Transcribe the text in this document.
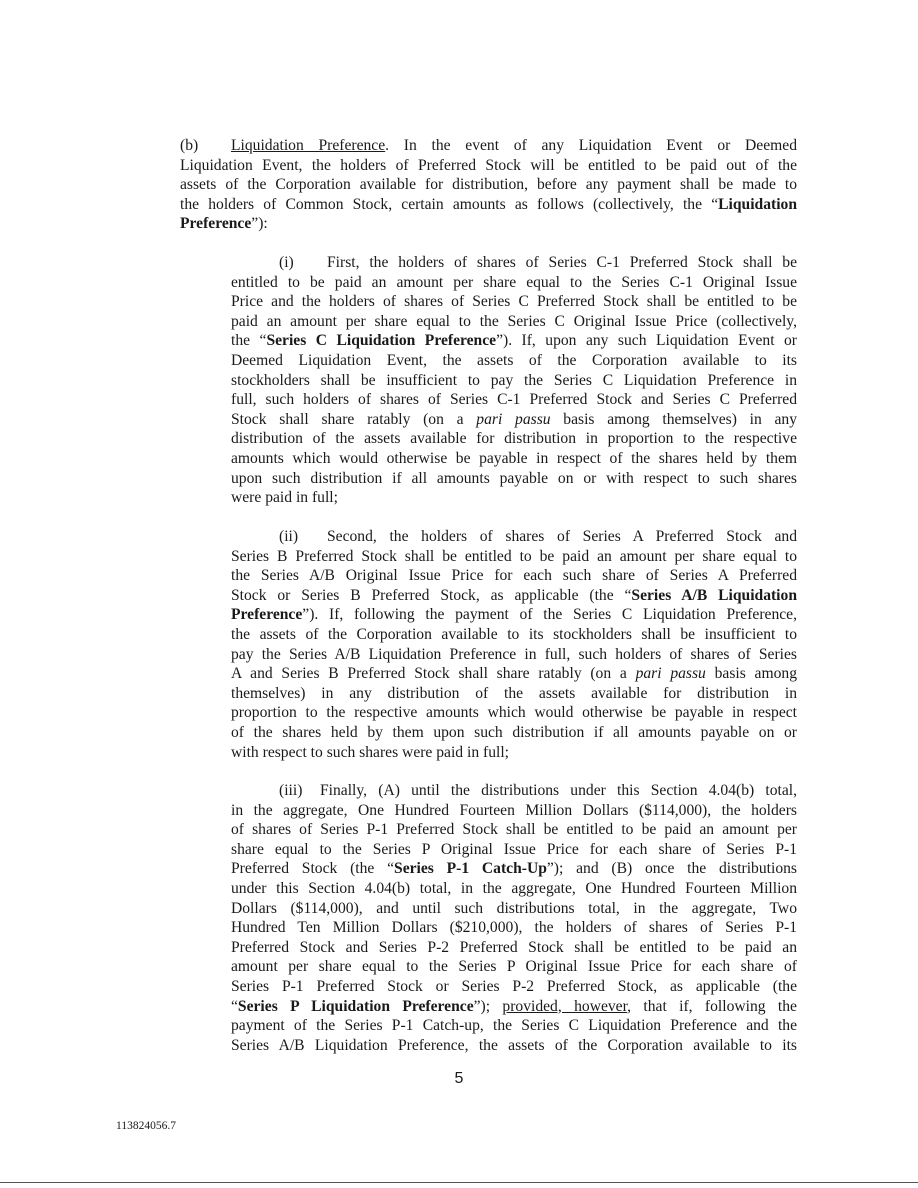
(b) Liquidation Preference. In the event of any Liquidation Event or Deemed
Liquidation Event, the holders of Preferred Stock will be entitled to be paid out of the
assets of the Corporation available for distribution, before any payment shall be made to
the holders of Common Stock, certain amounts as follows (collectively, the “Liquidation
Preference”):
(i) First, the holders of shares of Series C-1 Preferred Stock shall be
entitled to be paid an amount per share equal to the Series C-1 Original Issue
Price and the holders of shares of Series C Preferred Stock shall be entitled to be
paid an amount per share equal to the Series C Original Issue Price (collectively,
the “Series C Liquidation Preference”). If, upon any such Liquidation Event or
Deemed Liquidation Event, the assets of the Corporation available to its
stockholders shall be insufficient to pay the Series C Liquidation Preference in
full, such holders of shares of Series C-1 Preferred Stock and Series C Preferred
Stock shall share ratably (on a pari passu basis among themselves) in any
distribution of the assets available for distribution in proportion to the respective
amounts which would otherwise be payable in respect of the shares held by them
upon such distribution if all amounts payable on or with respect to such shares
were paid in full;
(ii) Second, the holders of shares of Series A Preferred Stock and
Series B Preferred Stock shall be entitled to be paid an amount per share equal to
the Series A/B Original Issue Price for each such share of Series A Preferred
Stock or Series B Preferred Stock, as applicable (the “Series A/B Liquidation
Preference”). If, following the payment of the Series C Liquidation Preference,
the assets of the Corporation available to its stockholders shall be insufficient to
pay the Series A/B Liquidation Preference in full, such holders of shares of Series
A and Series B Preferred Stock shall share ratably (on a pari passu basis among
themselves) in any distribution of the assets available for distribution in
proportion to the respective amounts which would otherwise be payable in respect
of the shares held by them upon such distribution if all amounts payable on or
with respect to such shares were paid in full;
(iii) Finally, (A) until the distributions under this Section 4.04(b) total,
in the aggregate, One Hundred Fourteen Million Dollars ($114,000), the holders
of shares of Series P-1 Preferred Stock shall be entitled to be paid an amount per
share equal to the Series P Original Issue Price for each share of Series P-1
Preferred Stock (the “Series P-1 Catch-Up”); and (B) once the distributions
under this Section 4.04(b) total, in the aggregate, One Hundred Fourteen Million
Dollars ($114,000), and until such distributions total, in the aggregate, Two
Hundred Ten Million Dollars ($210,000), the holders of shares of Series P-1
Preferred Stock and Series P-2 Preferred Stock shall be entitled to be paid an
amount per share equal to the Series P Original Issue Price for each share of
Series P-1 Preferred Stock or Series P-2 Preferred Stock, as applicable (the
“Series P Liquidation Preference”); provided, however, that if, following the
payment of the Series P-1 Catch-up, the Series C Liquidation Preference and the
Series A/B Liquidation Preference, the assets of the Corporation available to its
5
113824056.7
